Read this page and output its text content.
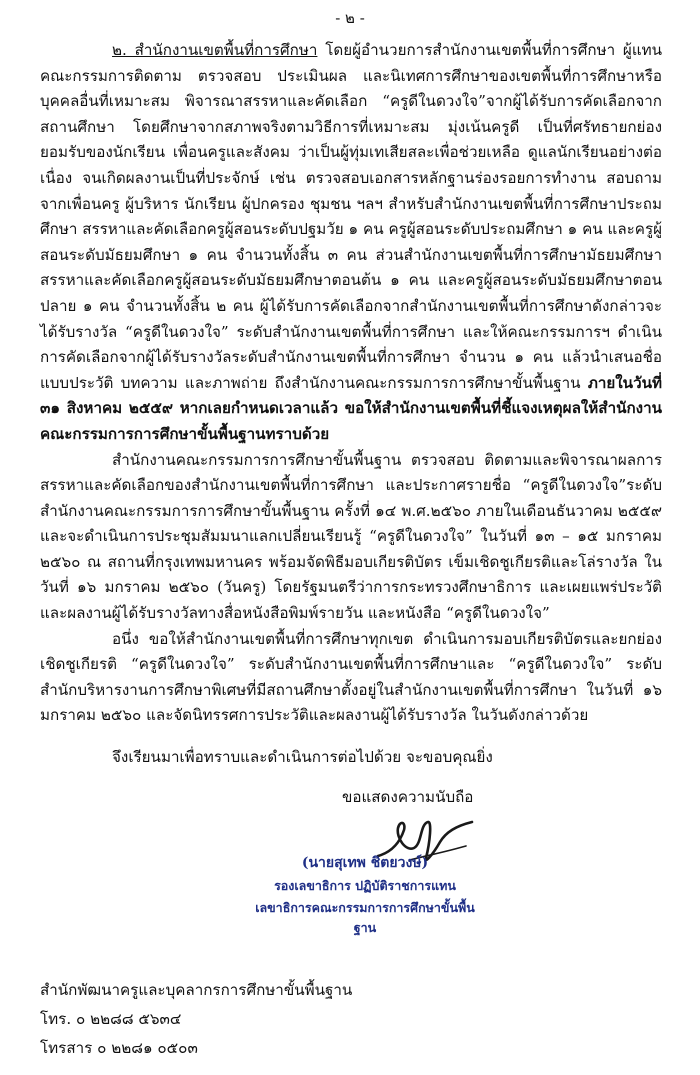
- ๒ -

๒. สำนักงานเขตพื้นที่การศึกษา โดยผู้อำนวยการสำนักงานเขตพื้นที่การศึกษา ผู้แทนคณะกรรมการติดตาม ตรวจสอบ ประเมินผล และนิเทศการศึกษาของเขตพื้นที่การศึกษาหรือบุคคลอื่นที่เหมาะสม พิจารณาสรรหาและคัดเลือก “ครูดีในดวงใจ”จากผู้ได้รับการคัดเลือกจากสถานศึกษา โดยศึกษาจากสภาพจริงตามวิธีการที่เหมาะสม มุ่งเน้นครูดี เป็นที่ศรัทธายกย่องยอมรับของนักเรียน เพื่อนครูและสังคม ว่าเป็นผู้ทุ่มเทเสียสละเพื่อช่วยเหลือ ดูแลนักเรียนอย่างต่อเนื่อง จนเกิดผลงานเป็นที่ประจักษ์ เช่น ตรวจสอบเอกสารหลักฐานร่องรอยการทำงาน สอบถามจากเพื่อนครู ผู้บริหาร นักเรียน ผู้ปกครอง ชุมชน ฯลฯ สำหรับสำนักงานเขตพื้นที่การศึกษาประถมศึกษา สรรหาและคัดเลือกครูผู้สอนระดับปฐมวัย ๑ คน ครูผู้สอนระดับประถมศึกษา ๑ คน และครูผู้สอนระดับมัธยมศึกษา ๑ คน จำนวนทั้งสิ้น ๓ คน ส่วนสำนักงานเขตพื้นที่การศึกษามัธยมศึกษา สรรหาและคัดเลือกครูผู้สอนระดับมัธยมศึกษาตอนต้น ๑ คน และครูผู้สอนระดับมัธยมศึกษาตอนปลาย ๑ คน จำนวนทั้งสิ้น ๒ คน ผู้ได้รับการคัดเลือกจากสำนักงานเขตพื้นที่การศึกษาดังกล่าวจะได้รับรางวัล “ครูดีในดวงใจ” ระดับสำนักงานเขตพื้นที่การศึกษา และให้คณะกรรมการฯ ดำเนินการคัดเลือกจากผู้ได้รับรางวัลระดับสำนักงานเขตพื้นที่การศึกษา จำนวน ๑ คน แล้วนำเสนอชื่อ แบบประวัติ บทความ และภาพถ่าย ถึงสำนักงานคณะกรรมการการศึกษาขั้นพื้นฐาน ภายในวันที่ ๓๑ สิงหาคม ๒๕๕๙ หากเลยกำหนดเวลาแล้ว ขอให้สำนักงานเขตพื้นที่ชี้แจงเหตุผลให้สำนักงานคณะกรรมการการศึกษาขั้นพื้นฐานทราบด้วย

สำนักงานคณะกรรมการการศึกษาขั้นพื้นฐาน ตรวจสอบ ติดตามและพิจารณาผลการสรรหาและคัดเลือกของสำนักงานเขตพื้นที่การศึกษา และประกาศรายชื่อ “ครูดีในดวงใจ”ระดับสำนักงานคณะกรรมการการศึกษาขั้นพื้นฐาน ครั้งที่ ๑๔ พ.ศ.๒๕๖๐ ภายในเดือนธันวาคม ๒๕๕๙ และจะดำเนินการประชุมสัมมนาแลกเปลี่ยนเรียนรู้ “ครูดีในดวงใจ” ในวันที่ ๑๓ – ๑๕ มกราคม ๒๕๖๐ ณ สถานที่กรุงเทพมหานคร พร้อมจัดพิธีมอบเกียรติบัตร เข็มเชิดชูเกียรติและโล่รางวัล ในวันที่ ๑๖ มกราคม ๒๕๖๐ (วันครู) โดยรัฐมนตรีว่าการกระทรวงศึกษาธิการ และเผยแพร่ประวัติและผลงานผู้ได้รับรางวัลทางสื่อหนังสือพิมพ์รายวัน และหนังสือ “ครูดีในดวงใจ”

อนึ่ง ขอให้สำนักงานเขตพื้นที่การศึกษาทุกเขต ดำเนินการมอบเกียรติบัตรและยกย่องเชิดชูเกียรติ “ครูดีในดวงใจ” ระดับสำนักงานเขตพื้นที่การศึกษาและ “ครูดีในดวงใจ” ระดับสำนักบริหารงานการศึกษาพิเศษที่มีสถานศึกษาตั้งอยู่ในสำนักงานเขตพื้นที่การศึกษา ในวันที่ ๑๖ มกราคม ๒๕๖๐ และจัดนิทรรศการประวัติและผลงานผู้ได้รับรางวัล ในวันดังกล่าวด้วย

จึงเรียนมาเพื่อทราบและดำเนินการต่อไปด้วย จะขอบคุณยิ่ง
ขอแสดงความนับถือ
(นายสุเทพ ชิตยวงษ์)
รองเลขาธิการ ปฏิบัติราชการแทน
เลขาธิการคณะกรรมการการศึกษาขั้นพื้นฐาน
สำนักพัฒนาครูและบุคลากรการศึกษาขั้นพื้นฐาน
โทร. ๐ ๒๒๘๘ ๕๖๓๔
โทรสาร ๐ ๒๒๘๑ ๐๕๐๓
